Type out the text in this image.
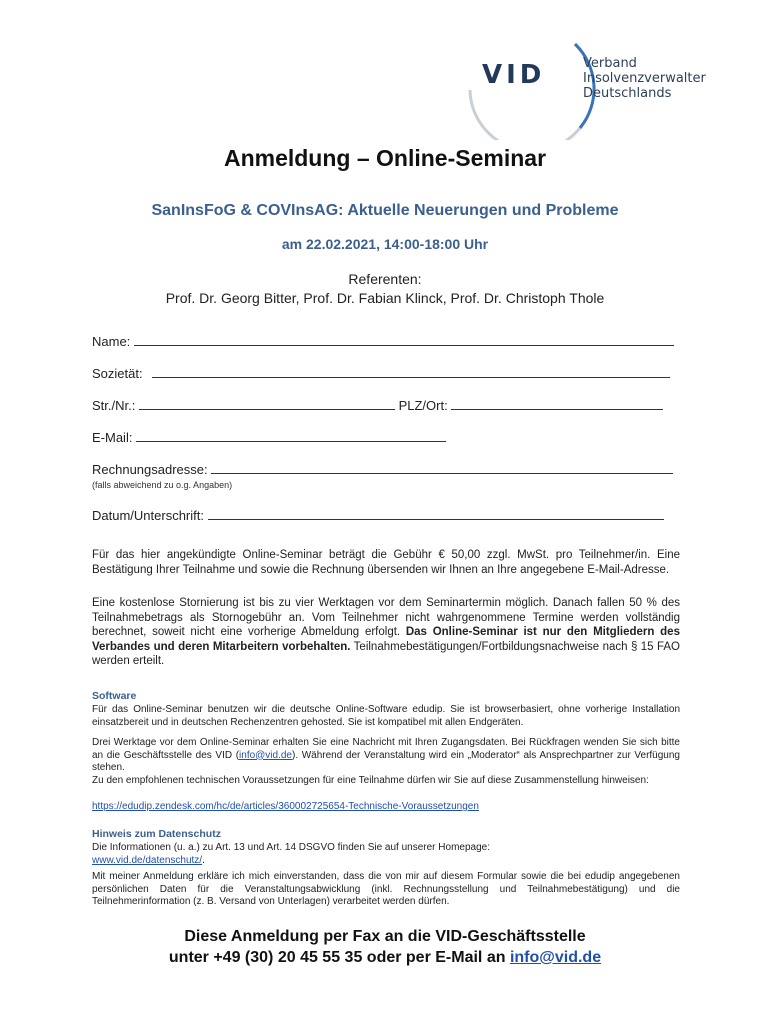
VID	Verband
Insolvenzverwalter
Deutschlands
Anmeldung – Online-Seminar
SanInsFoG & COVInsAG: Aktuelle Neuerungen und Probleme
am 22.02.2021, 14:00-18:00 Uhr
Referenten:
Prof. Dr. Georg Bitter, Prof. Dr. Fabian Klinck, Prof. Dr. Christoph Thole
Name:
Sozietät:
Str./Nr.:	PLZ/Ort:
E-Mail:
Rechnungsadresse:
(falls abweichend zu o.g. Angaben)
Datum/Unterschrift:
Für das hier angekündigte Online-Seminar beträgt die Gebühr € 50,00 zzgl. MwSt. pro Teilnehmer/in. Eine Bestätigung Ihrer Teilnahme und sowie die Rechnung übersenden wir Ihnen an Ihre angegebene E-Mail-Adresse.
Eine kostenlose Stornierung ist bis zu vier Werktagen vor dem Seminartermin möglich. Danach fallen 50 % des Teilnahmebetrags als Stornogebühr an. Vom Teilnehmer nicht wahrgenommene Termine werden vollständig berechnet, soweit nicht eine vorherige Abmeldung erfolgt. Das Online-Seminar ist nur den Mitgliedern des Verbandes und deren Mitarbeitern vorbehalten. Teilnahmebestätigungen/Fortbildungsnachweise nach § 15 FAO werden erteilt.
Software
Für das Online-Seminar benutzen wir die deutsche Online-Software edudip. Sie ist browserbasiert, ohne vorherige Installation einsatzbereit und in deutschen Rechenzentren gehosted. Sie ist kompatibel mit allen Endgeräten.
Drei Werktage vor dem Online-Seminar erhalten Sie eine Nachricht mit Ihren Zugangsdaten. Bei Rückfragen wenden Sie sich bitte an die Geschäftsstelle des VID (info@vid.de). Während der Veranstaltung wird ein „Moderator“ als Ansprechpartner zur Verfügung stehen.
Zu den empfohlenen technischen Voraussetzungen für eine Teilnahme dürfen wir Sie auf diese Zusammenstellung hinweisen:
https://edudip.zendesk.com/hc/de/articles/360002725654-Technische-Voraussetzungen
Hinweis zum Datenschutz
Die Informationen (u. a.) zu Art. 13 und Art. 14 DSGVO finden Sie auf unserer Homepage:
www.vid.de/datenschutz/.
Mit meiner Anmeldung erkläre ich mich einverstanden, dass die von mir auf diesem Formular sowie die bei edudip angegebenen persönlichen Daten für die Veranstaltungsabwicklung (inkl. Rechnungsstellung und Teilnahmebestätigung) und die Teilnehmerinformation (z. B. Versand von Unterlagen) verarbeitet werden dürfen.
Diese Anmeldung per Fax an die VID-Geschäftsstelle
unter +49 (30) 20 45 55 35 oder per E-Mail an info@vid.de
